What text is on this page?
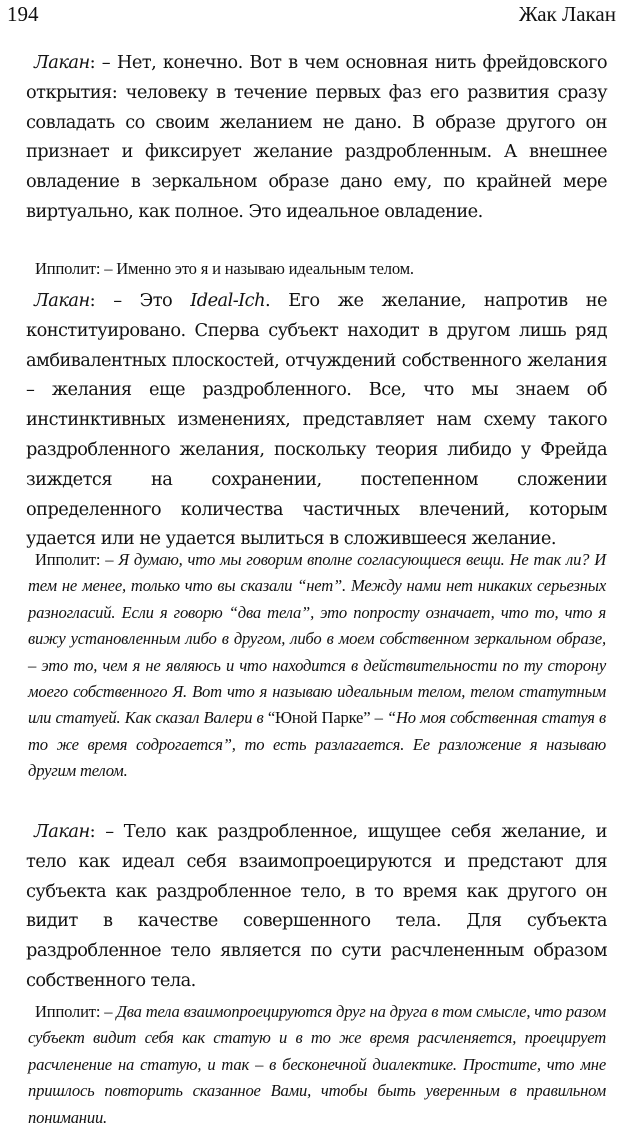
194	Жак Лакан

Лакан: – Нет, конечно. Вот в чем основная нить фрейдовского открытия: человеку в течение первых фаз его развития сразу совладать со своим желанием не дано. В образе другого он признает и фиксирует желание раздробленным. А внешнее овладение в зеркальном образе дано ему, по крайней мере виртуально, как полное. Это идеальное овладение.

Ипполит: – Именно это я и называю идеальным телом.

Лакан: – Это Ideal-Ich. Его же желание, напротив не конституировано. Сперва субъект находит в другом лишь ряд амбивалентных плоскостей, отчуждений собственного желания – желания еще раздробленного. Все, что мы знаем об инстинктивных изменениях, представляет нам схему такого раздробленного желания, поскольку теория либидо у Фрейда зиждется на сохранении, постепенном сложении определенного количества частичных влечений, которым удается или не удается вылиться в сложившееся желание.

Ипполит: – Я думаю, что мы говорим вполне согласующиеся вещи. Не так ли? И тем не менее, только что вы сказали “нет”. Между нами нет никаких серьезных разногласий. Если я говорю “два тела”, это попросту означает, что то, что я вижу установленным либо в другом, либо в моем собственном зеркальном образе, – это то, чем я не являюсь и что находится в действительности по ту сторону моего собственного Я. Вот что я называю идеальным телом, телом статутным или статуей. Как сказал Валери в “Юной Парке” – “Но моя собственная статуя в то же время содрогается”, то есть разлагается. Ее разложение я называю другим телом.

Лакан: – Тело как раздробленное, ищущее себя желание, и тело как идеал себя взаимопроецируются и предстают для субъекта как раздробленное тело, в то время как другого он видит в качестве совершенного тела. Для субъекта раздробленное тело является по сути расчлененным образом собственного тела.

Ипполит: – Два тела взаимопроецируются друг на друга в том смысле, что разом субъект видит себя как статую и в то же время расчленяется, проецирует расчленение на статую, и так – в бесконечной диалектике. Простите, что мне пришлось повторить сказанное Вами, чтобы быть уверенным в правильном понимании.
